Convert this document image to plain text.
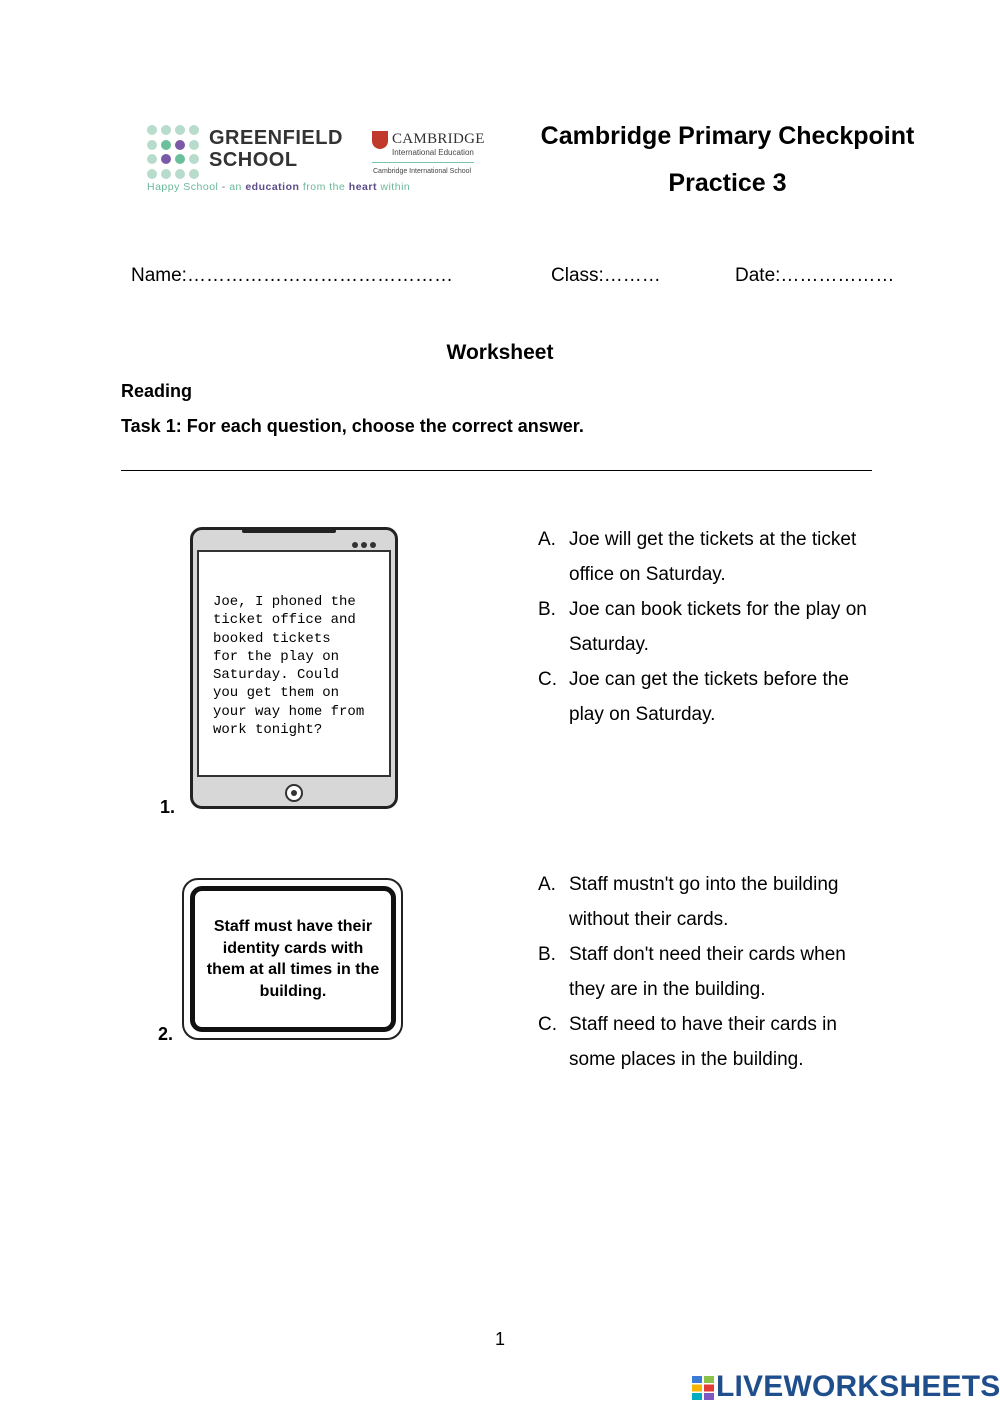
GREENFIELD
SCHOOL
CAMBRIDGE
International Education
Cambridge International School
Happy School - an education from the heart within
Cambridge Primary Checkpoint
Practice 3
Name:……………………………………	Class:………	Date:………………
Worksheet
Reading
Task 1: For each question, choose the correct answer.
1.
Joe, I phoned the
ticket office and
booked tickets
for the play on
Saturday. Could
you get them on
your way home from
work tonight?
A. Joe will get the tickets at the ticket office on Saturday.
B. Joe can book tickets for the play on Saturday.
C. Joe can get the tickets before the play on Saturday.
2.
Staff must have their identity cards with them at all times in the building.
A. Staff mustn't go into the building without their cards.
B. Staff don't need their cards when they are in the building.
C. Staff need to have their cards in some places in the building.
1
LIVEWORKSHEETS
